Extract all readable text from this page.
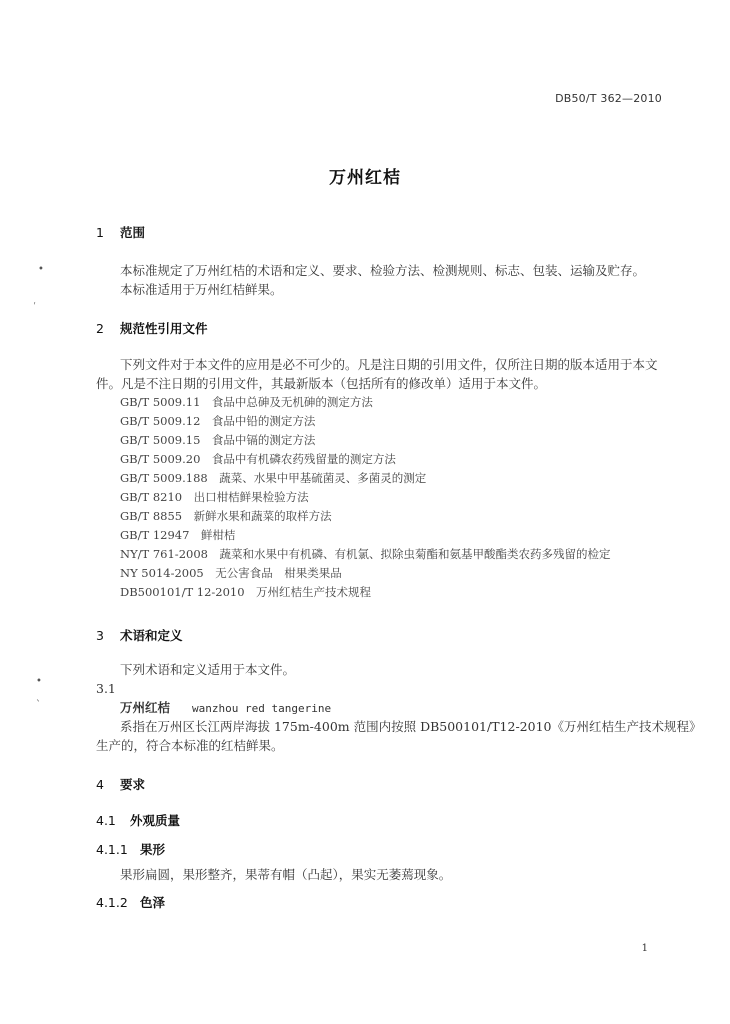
DB50/T 362—2010
万州红桔
1 范围
本标准规定了万州红桔的术语和定义、要求、检验方法、检测规则、标志、包装、运输及贮存。
本标准适用于万州红桔鲜果。
2 规范性引用文件
下列文件对于本文件的应用是必不可少的。凡是注日期的引用文件，仅所注日期的版本适用于本文
件。凡是不注日期的引用文件，其最新版本（包括所有的修改单）适用于本文件。
GB/T 5009.11　食品中总砷及无机砷的测定方法
GB/T 5009.12　食品中铅的测定方法
GB/T 5009.15　食品中镉的测定方法
GB/T 5009.20　食品中有机磷农药残留量的测定方法
GB/T 5009.188　蔬菜、水果中甲基硫菌灵、多菌灵的测定
GB/T 8210　出口柑桔鲜果检验方法
GB/T 8855　新鲜水果和蔬菜的取样方法
GB/T 12947　鲜柑桔
NY/T 761-2008　蔬菜和水果中有机磷、有机氯、拟除虫菊酯和氨基甲酸酯类农药多残留的检定
NY 5014-2005　无公害食品　柑果类果品
DB500101/T 12-2010　万州红桔生产技术规程
3 术语和定义
下列术语和定义适用于本文件。
3.1
万州红桔 wanzhou red tangerine
系指在万州区长江两岸海拔 175m-400m 范围内按照 DB500101/T12-2010《万州红桔生产技术规程》
生产的，符合本标准的红桔鲜果。
4 要求
4.1 外观质量
4.1.1 果形
果形扁圆，果形整齐，果蒂有帽（凸起），果实无萎蔫现象。
4.1.2 色泽
•
ˊ
•
ˋ
1
